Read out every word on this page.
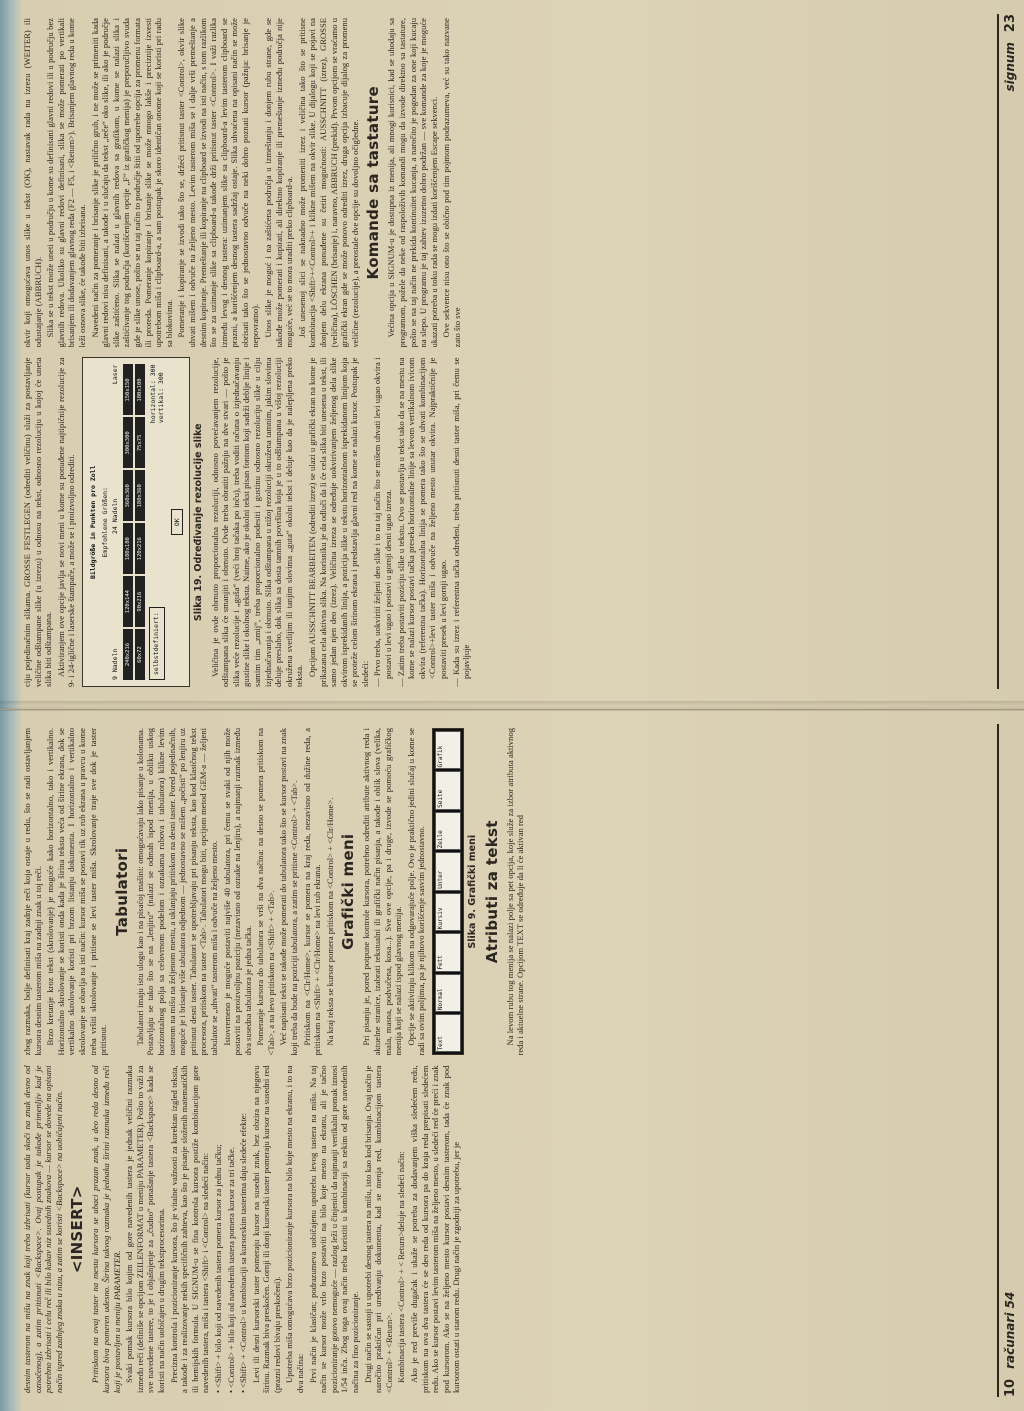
desnim tasterom na mišu na znak koji treba izbrisati (kursor tada skoči na znak desno od označenog), a zatim pritisnuti <Backspace>. Ovaj postupak je takođe primenljiv kad je potrebno izbrisati i celu reč ili bilo kakav niz susednih znakova — kursor se dovede na opisani način ispred zadnjeg znaka u nizu, a zatim se koristi <Backspace> na uobičajeni način. <INSERT> Pritiskom na ovaj taster na mestu kursora se ubaci prazan znak, a deo reda desno od kursora biva pomeren udesno. Širina takvog razmaka je jednaka širini razmaka između reči koji je postavljen u meniju PARAMETER. Svaki pomak kursora bilo kojim od gore navedenih tastera je jednak veličini razmaka između reči (definiše se opcijom ZEILENFORMAT u meniju PARAMETER). Pošto to važi za sve navedene tastere, to je i objašnjenje za „čudno“ ponašanje tastera <Backspace> kada se koristi na način uobičajen u drugim tekstprocesorima. Precizna kontrola i pozicioniranje kursora, što je vitalne važnosti za korektan izgled teksta, a takođe i za realizovanje nekih specifičnih zahteva, kao što je pisanje složenih matematičkih ili hemijskih formula. U SIGNUM-u se fina kontrola kursora postiže kombinacijom gore navedenih tastera, miša i tastera <Shift> i <Control> na sledeći način: • <Shift> + bilo koji od navedenih tastera pomera kursor za jednu tačku; • <Control> + bilo koji od navedenih tastera pomera kursor za tri tačke. • <Shift> + <Control> u kombinaciji sa kursorskim tasterima daju sledeće efekte: Levi ili desni kursorski taster pomeraju kursor na susedni znak, bez obzira na njegovu širinu. Razmak biva preskočen. Gornji ili donji kursorski taster pomeraju kursor na susedni red (prazni redovi bivaju preskočeni). Upotreba miša omogućava brzo pozicioniranje kursora na bilo koje mesto na ekranu, i to na dva načina: Prvi način je klasičan; podrazumeva uobičajenu upotrebu levog tastera na mišu. Na taj način se kursor može vrlo brzo postaviti na bilo koje mesto na ekranu, ali je tačno pozicioniranje gotovo nemoguće — razlog leži u činjenici da najmanji vertikalni pomak iznosi 1/54 inča. Zbog toga ovaj način treba koristiti u kombinaciji sa nekim od gore navedenih načina za fino pozicioniranje. Drugi način se sastoji u upotrebi desnog tastera na mišu, isto kao kod brisanja. Ovaj način je naročito praktičan pri uređivanju dokumenta, kad se menja red, kombinacijom tastera <Control> + <Return>. Kombinacija tastera <Control> + < Return>deluje na sledeći način: Ako je red previše dugačak i ukaže se potreba za dodavanjem viška sledećem redu, pritiskom na ova dva tastera će se deo reda od kursora pa do kraja reda prepisati sledećem redu. Ako se kursor postavi levim tasterom miša na željeno mesto, u sledeći red će preći i znak pod kursorom. Ako se na željeno mesto kursor postavi desnim tasterom, tada će znak pod kursorom ostati u starom redu. Drugi način je zgodniji za upotrebu, jer je

zbog razmaka, bolje definisati kraj zadnje reči koja ostaje u redu, što se radi ostavljanjem kursora desnim tasterom miša na zadnji znak u toj reči. Brzo kretanje kroz tekst (skrolovanje) je moguće kako horizontalno, tako i vertikalno. Horizontalno skrolovanje se koristi onda kada je širina teksta veća od širine ekrana, dok se vertikalno skrolovanje koristi pri brzom listanju dokumenta. I horizontalno i vertikalno skrolovanje se obavlja na isti način: kursor miša se postavi tik uz rub ekrana u pravcu u kome treba vršiti skrolovanje i pritisne se levi taster miša. Skrolovanje traje sve dok je taster pritisnut.

Tabulatori Tabulatori imaju istu ulogu kao i na pisaćoj mašini: omogućavaju lako pisanje u kolonama. Postavljaju se tako što se na „lenjiru“ (nalazi se odmah ispod menija, u obliku uskog horizontalnog polja sa celovrnom podelom i oznakama rubova i tabulatora) klikne levim tasterom na mišu na željenom mestu, a uklanjaju pritiskom na desni taster. Pored pojedinačnih, moguće je i brisanje više tabulatora odjednom — jednostavno se mišem „počisti“ po lenjiru uz pritisnut desni taster. Tabulatori se upotrebljavaju pri pisanju teksta, kao kod klasičnog tekst procesora, pritiskom na taster <Tab>. Tabulatori mogu biti, opcijom metod GEM-a — željeni tabulator se „uhvati“ tasterom miša i odvuče na željeno mesto. Istovremeno je moguće postaviti najviše 40 tabulatora, pri čemu se svaki od njih može postaviti na proizvoljnu poziciju (nezavisno od oznake na lenjiru), a najmanji razmak između dva susedna tabulatora je jedna tačka. Pomeranje kursora do tabulatora se vrši na dva načina: na desno se pomera pritiskom na <Tab>, a na levo pritiskom na <Shift> + <Tab>. Već napisani tekst se takođe može pomerati do tabulatora tako što se kursor postavi na znak koji treba da bude na poziciji tabulatora, a zatim se pritisne <Control> + <Tab>. Pritiskom na <Clr/Home>, kursor se pomera na kraj reda, nezavisno od dužine reda, a pritiskom na <Shift> + <Clr/Home> na levi rub ekrana. Na kraj teksta se kursor pomera pritiskom na <Control> + <Clr/Home>. Grafički meni Pri pisanju je, pored potpune kontrole kursora, potrebno odrediti atribute aktivnog reda i aktuelne stranice, izabrati tekstualni ili grafički način pisanja, a takođe i oblik slova (velika, mala, masna, podvučena, kosa...). Sve ove opcije, pa i druge, izvode se pomoću grafičkog menija koji se nalazi ispod glavnog menija. Opcije se aktiviraju klikom na odgovarajuće polje. Ovo je praktično jedini slučaj u kome se radi sa ovim poljima, pa je njihovo korišćenje sasvim jednostavno.	Text
Normal
Fett
Kursiv
Unter
Zeile
Seite
Grafik
Slika 9. Grafički meni Atributi za tekst Na levom rubu tog menija se nalazi polje sa pet opcija, koje služe za izbor atributa aktivnog reda i aktuelne strane. Opcijom TEXT se određuje da li će aktivan red

10
računari 54

ciju pojedinačnim slikama. GROSSE FESTLEGEN (odrediti veličinu) služi za postavljanje veličine odštampane slike (u izrezu) u odnosu na tekst, odnosno rezoluciju u kojoj će uneta slika biti odštampana. Aktiviranjem ove opcije javlja se novi meni u kome su ponuđene najtipičnije rezolucije za 9- i 24-iglične i laserske štampače, a može se i proizvoljno odrediti. Bildgröße in Punkten pro Zoll Empfohlene Größen:
9 Nadeln
24 Nadeln
Laser
240x216
120x144
180x180
360x360
300x300
150x150
60x72
90x216
120x216
180x360
75x75
100x100
selbstdefiniert:
horizontal: 300
vertikal: 300
OK Slika 19. Određivanje rezolucije slike Veličina je ovde obrnuto proporcionalna rezoluciji, odnosno povećavanjem rezolucije, odštampana slika će smanjiti i obrnuto. Ovde treba obratiti pažnju na dve stvari — pošto je slika veće rezolucije i „guša“ (veći broj tačaka po inču), treba voditi računa o izjednačavanju gustine slike i okolnog teksta. Naime, ako je okolni tekst pisan fontom koji sadrži deblje linije i samim tim „zmij“, treba proporcionalno podesiti i gustinu odnosno rezoluciju slike u cilju izjednačavanja i obrnuto. Slika odštampana u nižoj rezoluciji okružena tamnim, jakim slovima deluje preslabo, dok slika sa dosta tamnih površina koja je u to odštampana u višoj rezoluciji okružena svetlijim ili tanjim slovima „guta“ okolni tekst i deluje kao da je nalepljena preko teksta. Opcijom AUSSCHNITT BEARBEITEN (odrediti izrez) se ulazi u grafički ekran na kome je prikazana cela aktivna slika. Na korisniku je da odluči da li će cela slika biti unesena u tekst, ili samo jedan njen deo (izrez). Veličina izreza se određuje uokvirivanjem željenog dela slike okvirom isprekidanih linija, a pozicija slike u tekstu horizontalnom isprekidanom linijom koja se proteže celom širinom ekrana i predstavlja glavni red na kome se nalazi kursor. Postupak je sledeći: — Prvo treba, uokviriti željeni deo slike i to na taj način što se mišem uhvati levi ugao okvira i postavi u levi ugao i postavi u gornji desni ugao izreza. — Zatim treba postaviti poziciju slike u tekstu. Ovo se postavlja u tekst tako da se na mestu na kome se nalazi kursor postavi tačka preseka horizontalne linije sa levom vertikalnom ivicom okvira (referentna tačka). Horizontalna linija se pomera tako što se uhvati kombinacijom <Control>+levi taster miša i odvuče na željeno mesto unutar okvira. Najpraktičnije je postaviti presek u levi gornji ugao. — Kada su izrez i referentna tačka određeni, treba pritisnuti desni taster miša, pri čemu se pojavljuje

okvir koji omogućava unos slike u tekst (OK), nastavak rada na izrezu (WEITER) ili odustajanje (ABBRUCH). Slika se u tekst može uneti u području u kome su definisani glavni redovi ili u području bez glavnih redova. Ukoliko su glavni redovi definisani, slika se može pomerati po vertikali brisanjem ili dodavanjem glavnog reda (F2 — F5, i <Return>). Brisanjem glavnog reda u kome leži osnova slike, će takođe biti izbrisana. Navedeni način za pomeranje i brisanje slike je prilično grub, i ne može se primeniti kada glavni redovi nisu definisani, a takođe i u slučaju da tekst „teče“ oko slike, ili ako je područje slike zaštićeno. Slika se nalazi u glavnih redova sa grafikom, u kome se nalazi slika i zaštićivanje tog područja (korišćenjem opcije „F“ iz grafičkog menija) je preporučljivo svuda gde je slike unose, pošto se na taj način to područje štiti od upotrebe opcija za promenu formata ili proreda. Pomeranje kopiranje i brisanje slike se može mnogo lakše i preciznije izvesti upotrebom miša i clipboard-a, a sam postupak je skoro identičan onome koji se koristi pri radu sa blokovima. Pomeranje i kopiranje se izvodi tako što se, držeći pritisnut taster <Control>, okvir slike uhvati mišem i odvuče na željeno mesto. Levim tasterom miša se i dalje vrši premeštanje a desnim kopiranje. Premeštanje ili kopiranje na clipboard se izvodi na isti način, s tom razlikom što se za uzimanje slike sa clipboard-a takođe drži pritisnut taster <Control>. I važi razlika između levog i desnog tastera: uzimanjem slike sa clipboard-a levim tasterom clipboard se prazni, a korišćenjem desnog tastera sadržaj ostaje. Slika uhvaćena na opisani način se može obrisati tako što se jednostavno odvuče na neki dobro poznati kursor (pažnja: brisanje je nepovratno). Unos slike je moguć i na zaštićena područja u izmeštanju i donjem rubu strane, gde se takođe može pomerati i kopirati, ali direktno kopiranje ili premeštanje između područja nije moguće, već se to mora uraditi preko clipboard-a. Još unesenoj slici se naknadno može promeniti izrez i veličina tako što se pritisne kombinacija <Shift>+<Control>+ i klikne mišem na okvir slike. U dijalogu koji se pojavi na donjem delu ekrana ponuđene su četiri mogućnosti: AUSSCHNITT (izrez), GROSSE (veličina), LÖSCHEN (brisanje) i, naravno, ABBRUCH (prekid). Prvom opcijom se vraćamo u grafički ekran gde se može ponovo odrediti izrez, druga opcija izbacuje dijalog za promenu veličine (rezolucije), a preostale dve opcije su dovoljno očigledne. Komande sa tastature Većina opcija u SIGNUM-u je dostupna iz menija, ali mnogi korisnici, kad se uhodaju sa programom, požele da neke od raspoloživih komandi mogu da izvode direktno sa tastature, pošto se na taj način ne prekida kontinuitet kucanja, a naročito je pogodan za one koji kucaju na slepo. U programu je taj zahtev izuzetno dobro podržan — sve komande za koje je moguće ukazati potreba u toku rada se mogu izdati korišćenjem Escape sekvenci. Ove sekvence nisu ono što se obično pod tim pojmom podrazumeva, već su tako nazvane zato što sve

signum
23
